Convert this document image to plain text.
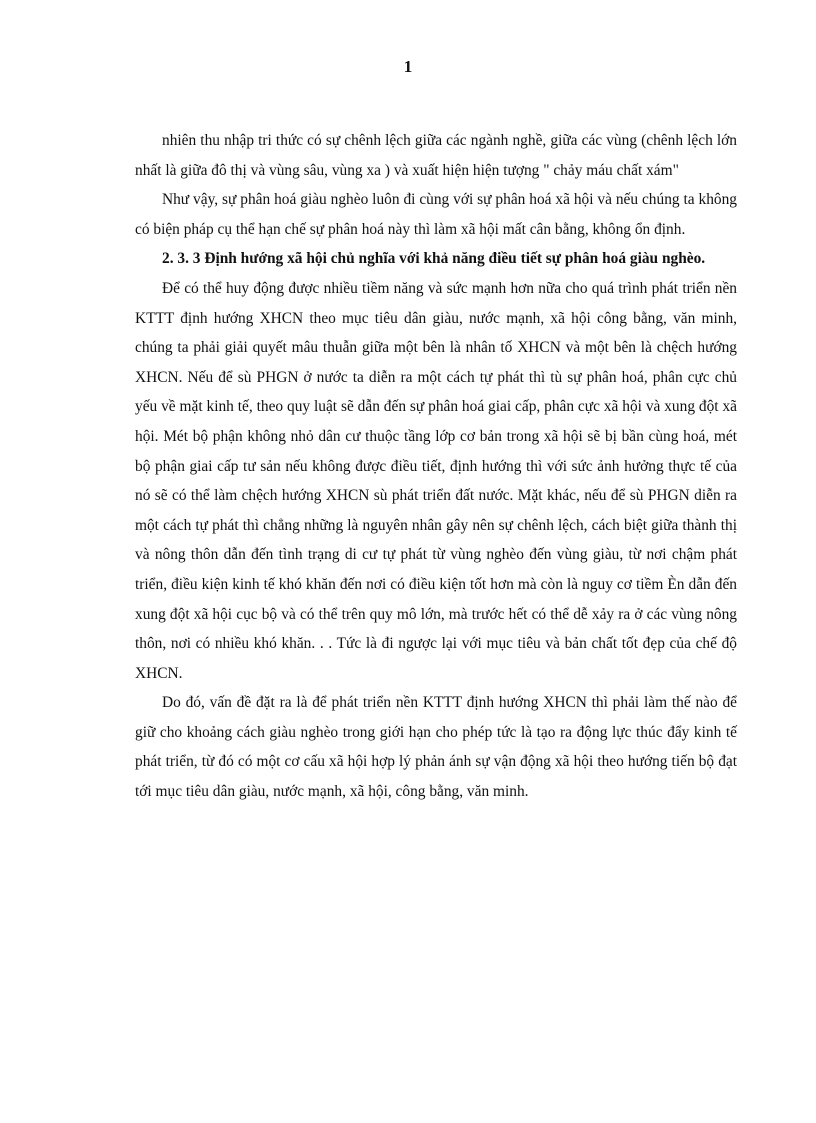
1

nhiên thu nhập tri thức có sự chênh lệch giữa các ngành nghề, giữa các vùng (chênh lệch lớn nhất là giữa đô thị và vùng sâu, vùng xa ) và xuất hiện hiện tượng " chảy máu chất xám"

Như vậy, sự phân hoá giàu nghèo luôn đi cùng với sự phân hoá xã hội và nếu chúng ta không có biện pháp cụ thể hạn chế sự phân hoá này thì làm xã hội mất cân bằng, không ổn định.

2. 3. 3 Định hướng xã hội chủ nghĩa với khả năng điều tiết sự phân hoá giàu nghèo.

Để có thể huy động được nhiều tiềm năng và sức mạnh hơn nữa cho quá trình phát triển nền KTTT định hướng XHCN theo mục tiêu dân giàu, nước mạnh, xã hội công bằng, văn minh, chúng ta phải giải quyết mâu thuẫn giữa một bên là nhân tố XHCN và một bên là chệch hướng XHCN. Nếu để sù PHGN ở nước ta diễn ra một cách tự phát thì tù sự phân hoá, phân cực chủ yếu về mặt kinh tế, theo quy luật sẽ dẫn đến sự phân hoá giai cấp, phân cực xã hội và xung đột xã hội. Mét bộ phận không nhỏ dân cư thuộc tầng lớp cơ bản trong xã hội sẽ bị bần cùng hoá, mét bộ phận giai cấp tư sản nếu không được điều tiết, định hướng thì với sức ảnh hưởng thực tế của nó sẽ có thể làm chệch hướng XHCN sù phát triển đất nước. Mặt khác, nếu để sù PHGN diễn ra một cách tự phát thì chẳng những là nguyên nhân gây nên sự chênh lệch, cách biệt giữa thành thị và nông thôn dẫn đến tình trạng di cư tự phát từ vùng nghèo đến vùng giàu, từ nơi chậm phát triển, điều kiện kinh tế khó khăn đến nơi có điều kiện tốt hơn mà còn là nguy cơ tiềm Èn dẫn đến xung đột xã hội cục bộ và có thể trên quy mô lớn, mà trước hết có thể dễ xảy ra ở các vùng nông thôn, nơi có nhiều khó khăn. . . Tức là đi ngược lại với mục tiêu và bản chất tốt đẹp của chế độ XHCN.

Do đó, vấn đề đặt ra là để phát triển nền KTTT định hướng XHCN thì phải làm thế nào để giữ cho khoảng cách giàu nghèo trong giới hạn cho phép tức là tạo ra động lực thúc đẩy kinh tế phát triển, từ đó có một cơ cấu xã hội hợp lý phản ánh sự vận động xã hội theo hướng tiến bộ đạt tới mục tiêu dân giàu, nước mạnh, xã hội, công bằng, văn minh.
